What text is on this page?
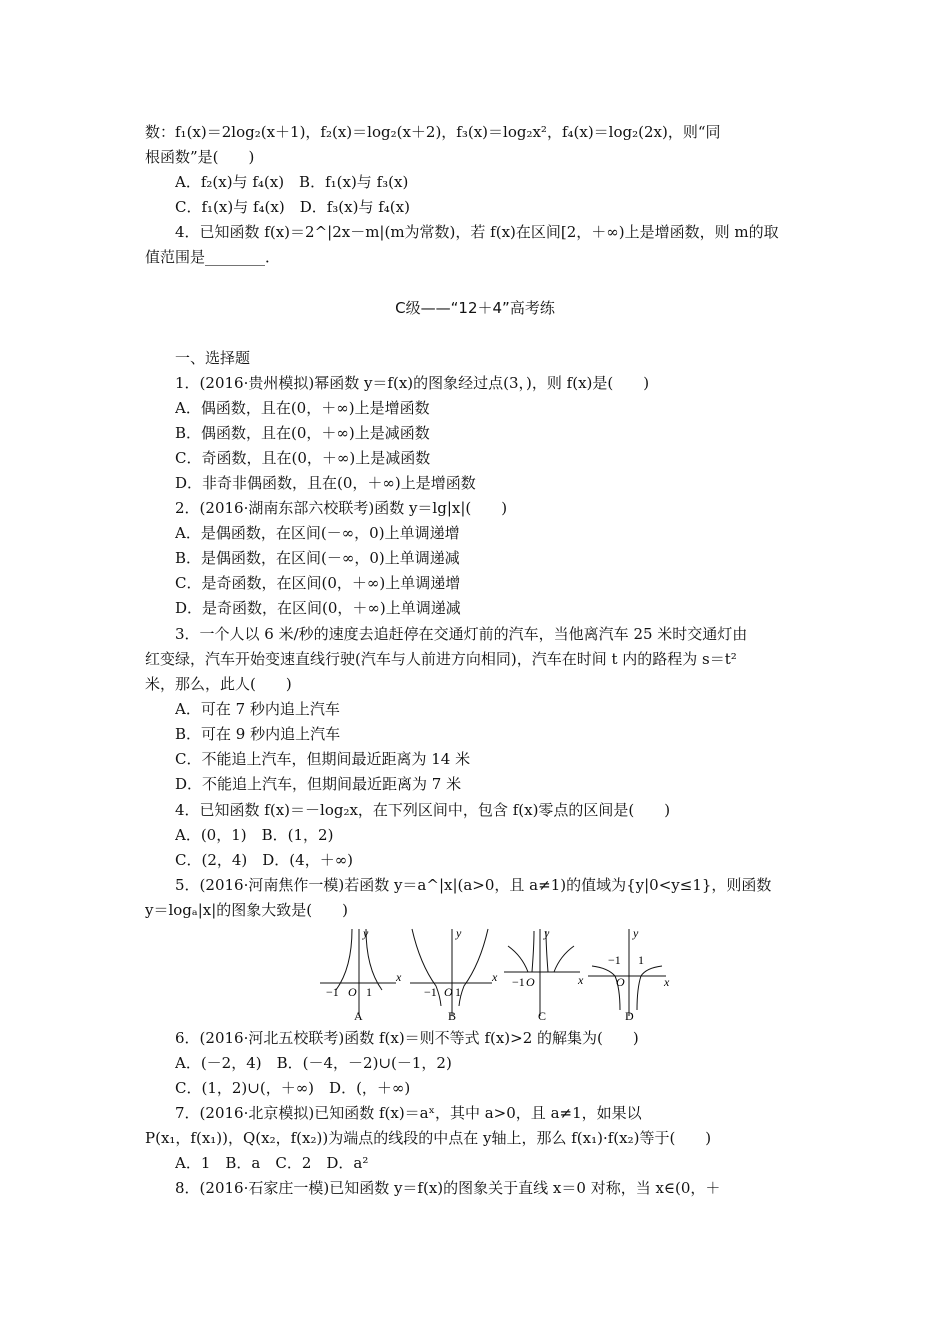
数：f₁(x)＝2log₂(x＋1)，f₂(x)＝log₂(x＋2)，f₃(x)＝log₂x²，f₄(x)＝log₂(2x)，则“同
根函数”是(　　)
A．f₂(x)与 f₄(x)　B．f₁(x)与 f₃(x)
C．f₁(x)与 f₄(x)　D．f₃(x)与 f₄(x)
4．已知函数 f(x)＝2^|2x－m|(m为常数)，若 f(x)在区间[2，＋∞)上是增函数，则 m的取
值范围是________．
C级——“12＋4”高考练
一、选择题
1．(2016·贵州模拟)幂函数 y＝f(x)的图象经过点(3，)，则 f(x)是(　　)
A．偶函数，且在(0，＋∞)上是增函数
B．偶函数，且在(0，＋∞)上是减函数
C．奇函数，且在(0，＋∞)上是减函数
D．非奇非偶函数，且在(0，＋∞)上是增函数
2．(2016·湖南东部六校联考)函数 y＝lg|x|(　　)
A．是偶函数，在区间(－∞，0)上单调递增
B．是偶函数，在区间(－∞，0)上单调递减
C．是奇函数，在区间(0，＋∞)上单调递增
D．是奇函数，在区间(0，＋∞)上单调递减
3．一个人以 6 米/秒的速度去追赶停在交通灯前的汽车，当他离汽车 25 米时交通灯由
红变绿，汽车开始变速直线行驶(汽车与人前进方向相同)，汽车在时间 t 内的路程为 s＝t²
米，那么，此人(　　)
A．可在 7 秒内追上汽车
B．可在 9 秒内追上汽车
C．不能追上汽车，但期间最近距离为 14 米
D．不能追上汽车，但期间最近距离为 7 米
4．已知函数 f(x)＝－log₂x，在下列区间中，包含 f(x)零点的区间是(　　)
A．(0，1)　B．(1，2)
C．(2，4)　D．(4，＋∞)
5．(2016·河南焦作一模)若函数 y＝a^|x|(a>0，且 a≠1)的值域为{y|0<y≤1}，则函数
y＝logₐ|x|的图象大致是(　　)
y
x
−1 O 1
A
y
x
−1 O 1
B
y
x
−1 O
C
y
x
−1 1
O
D
6．(2016·河北五校联考)函数 f(x)＝则不等式 f(x)>2 的解集为(　　)
A．(－2，4)　B．(－4，－2)∪(－1，2)
C．(1，2)∪(，＋∞)　D．(，＋∞)
7．(2016·北京模拟)已知函数 f(x)＝aˣ，其中 a>0，且 a≠1，如果以
P(x₁，f(x₁))，Q(x₂，f(x₂))为端点的线段的中点在 y轴上，那么 f(x₁)·f(x₂)等于(　　)
A．1　B．a　C．2　D．a²
8．(2016·石家庄一模)已知函数 y＝f(x)的图象关于直线 x＝0 对称，当 x∈(0，＋
